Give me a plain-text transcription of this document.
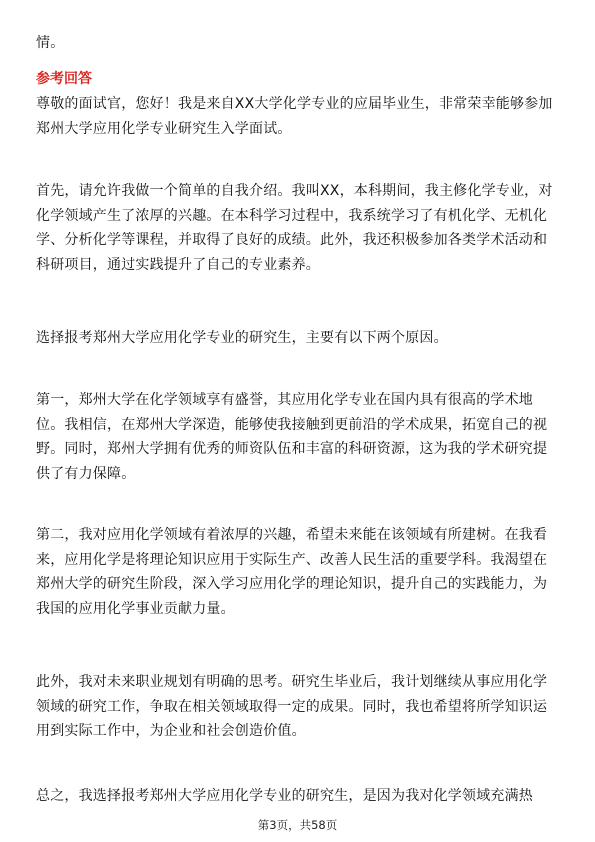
情。
参考回答
尊敬的面试官，您好！我是来自XX大学化学专业的应届毕业生，非常荣幸能够参加
郑州大学应用化学专业研究生入学面试。
首先，请允许我做一个简单的自我介绍。我叫XX，本科期间，我主修化学专业，对
化学领域产生了浓厚的兴趣。在本科学习过程中，我系统学习了有机化学、无机化
学、分析化学等课程，并取得了良好的成绩。此外，我还积极参加各类学术活动和
科研项目，通过实践提升了自己的专业素养。
选择报考郑州大学应用化学专业的研究生，主要有以下两个原因。
第一，郑州大学在化学领域享有盛誉，其应用化学专业在国内具有很高的学术地
位。我相信，在郑州大学深造，能够使我接触到更前沿的学术成果，拓宽自己的视
野。同时，郑州大学拥有优秀的师资队伍和丰富的科研资源，这为我的学术研究提
供了有力保障。
第二，我对应用化学领域有着浓厚的兴趣，希望未来能在该领域有所建树。在我看
来，应用化学是将理论知识应用于实际生产、改善人民生活的重要学科。我渴望在
郑州大学的研究生阶段，深入学习应用化学的理论知识，提升自己的实践能力，为
我国的应用化学事业贡献力量。
此外，我对未来职业规划有明确的思考。研究生毕业后，我计划继续从事应用化学
领域的研究工作，争取在相关领域取得一定的成果。同时，我也希望将所学知识运
用到实际工作中，为企业和社会创造价值。
总之，我选择报考郑州大学应用化学专业的研究生，是因为我对化学领域充满热
第3页，共58页
